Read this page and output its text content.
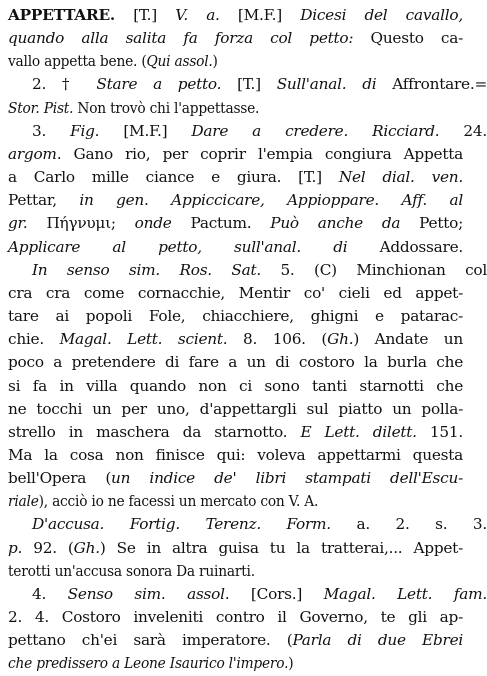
APPETTARE. [T.] V. a. [M.F.] Dicesi del cavallo,
quando alla salita fa forza col petto: Questo ca-
vallo appetta bene. (Qui assol.)
2. † Stare a petto. [T.] Sull'anal. di Affrontare.=
Stor. Pist. Non trovò chi l'appettasse.
3. Fig. [M.F.] Dare a credere. Ricciard. 24.
argom. Gano rio, per coprir l'empia congiura Appetta
a Carlo mille ciance e giura. [T.] Nel dial. ven.
Pettar, in gen. Appiccicare, Appioppare. Aff. al
gr. Πήγνυμι; onde Pactum. Può anche da Petto;
Applicare al petto, sull'anal. di Addossare.
In senso sim. Ros. Sat. 5. (C) Minchionan col
cra cra come cornacchie, Mentir co' cieli ed appet-
tare ai popoli Fole, chiacchiere, ghigni e patarac-
chie. Magal. Lett. scient. 8. 106. (Gh.) Andate un
poco a pretendere di fare a un di costoro la burla che
si fa in villa quando non ci sono tanti starnotti che
ne tocchi un per uno, d'appettargli sul piatto un polla-
strello in maschera da starnotto. E Lett. dilett. 151.
Ma la cosa non finisce qui: voleva appettarmi questa
bell'Opera (un indice de' libri stampati dell'Escu-
riale), acciò io ne facessi un mercato con V. A.
D'accusa. Fortig. Terenz. Form. a. 2. s. 3.
p. 92. (Gh.) Se in altra guisa tu la tratterai,... Appet-
terotti un'accusa sonora Da ruinarti.
4. Senso sim. assol. [Cors.] Magal. Lett. fam.
2. 4. Costoro inveleniti contro il Governo, te gli ap-
pettano ch'ei sarà imperatore. (Parla di due Ebrei
che predissero a Leone Isaurico l'impero.)
